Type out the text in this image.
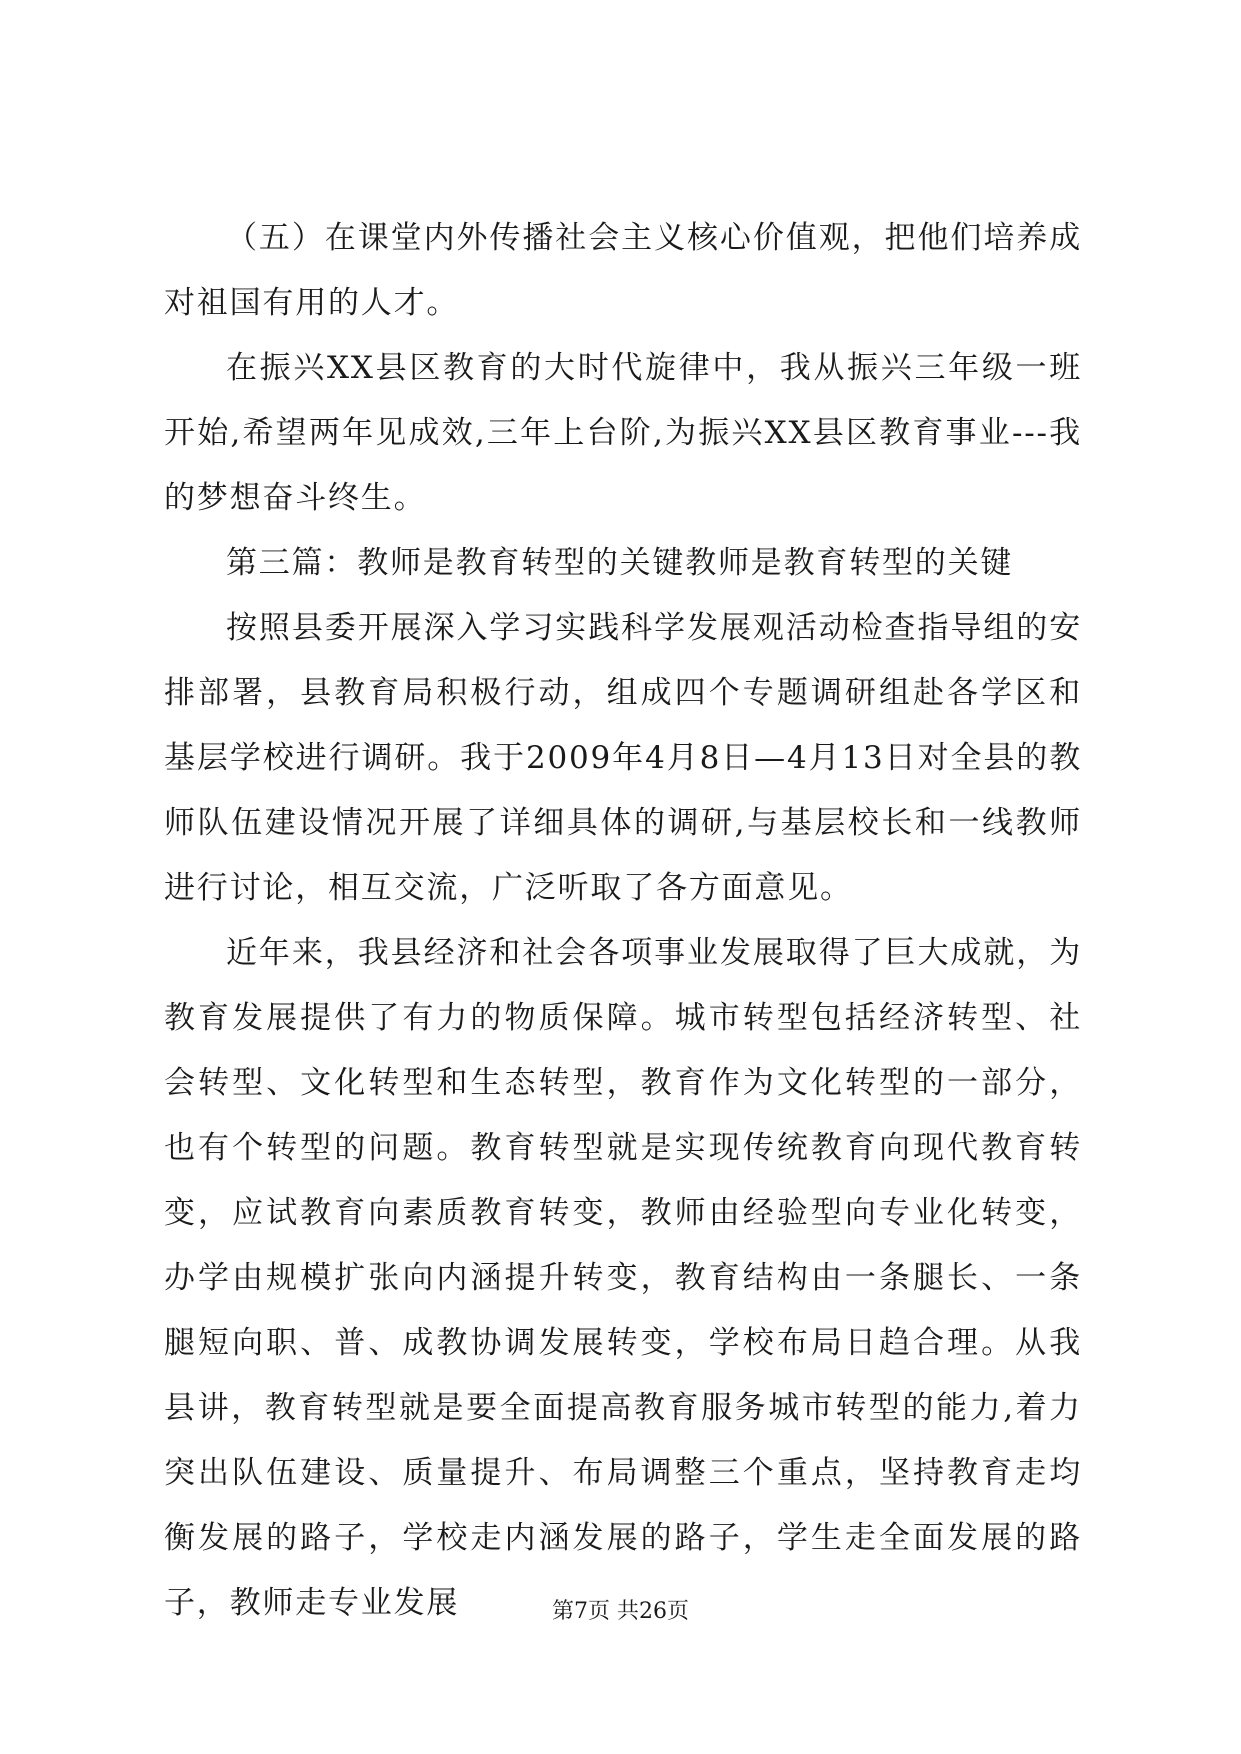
（五）在课堂内外传播社会主义核心价值观，把他们培养成对祖国有用的人才。

在振兴XX县区教育的大时代旋律中，我从振兴三年级一班开始,希望两年见成效,三年上台阶,为振兴XX县区教育事业---我的梦想奋斗终生。

第三篇：教师是教育转型的关键教师是教育转型的关键

按照县委开展深入学习实践科学发展观活动检查指导组的安排部署，县教育局积极行动，组成四个专题调研组赴各学区和基层学校进行调研。我于2009年4月8日—4月13日对全县的教师队伍建设情况开展了详细具体的调研,与基层校长和一线教师进行讨论，相互交流，广泛听取了各方面意见。

近年来，我县经济和社会各项事业发展取得了巨大成就，为教育发展提供了有力的物质保障。城市转型包括经济转型、社会转型、文化转型和生态转型，教育作为文化转型的一部分，也有个转型的问题。教育转型就是实现传统教育向现代教育转变，应试教育向素质教育转变，教师由经验型向专业化转变，办学由规模扩张向内涵提升转变，教育结构由一条腿长、一条腿短向职、普、成教协调发展转变，学校布局日趋合理。从我县讲，教育转型就是要全面提高教育服务城市转型的能力,着力突出队伍建设、质量提升、布局调整三个重点，坚持教育走均衡发展的路子，学校走内涵发展的路子，学生走全面发展的路子，教师走专业发展	第7页 共26页
